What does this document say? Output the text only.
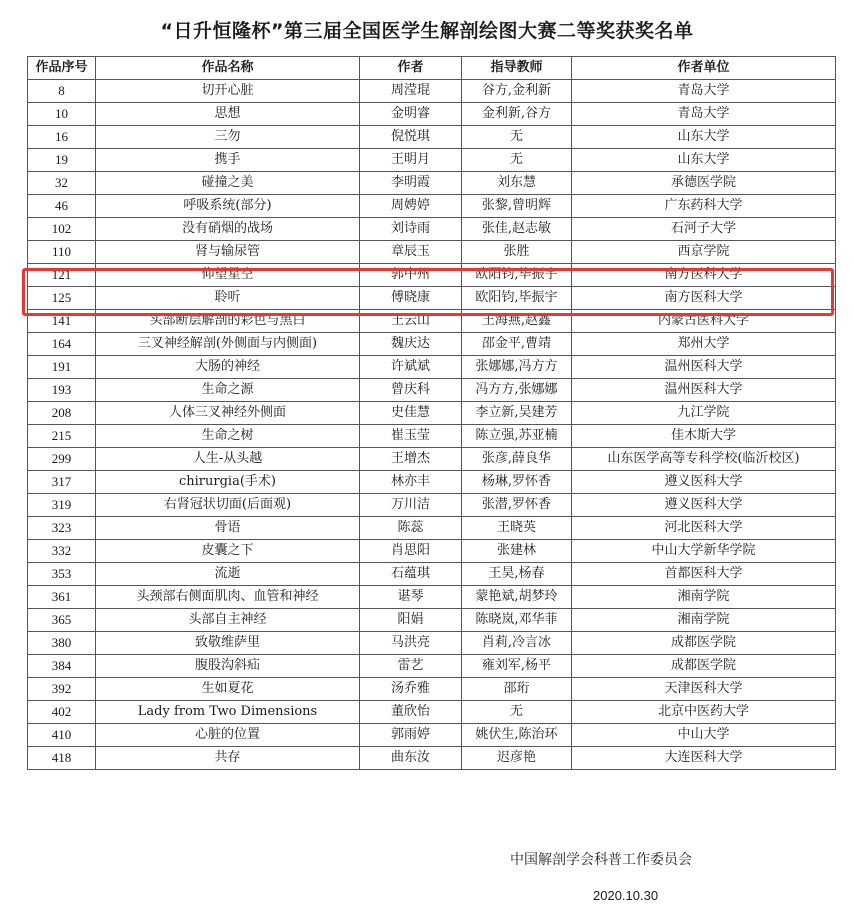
“日升恒隆杯”第三届全国医学生解剖绘图大赛二等奖获奖名单
作品序号	作品名称	作者	指导教师	作者单位
8	切开心脏	周滢琨	谷方,金利新	青岛大学
10	思想	金明睿	金利新,谷方	青岛大学
16	三勿	倪悦琪	无	山东大学
19	携手	王明月	无	山东大学
32	碰撞之美	李明霞	刘东慧	承德医学院
46	呼吸系统(部分)	周娉婷	张黎,曾明辉	广东药科大学
102	没有硝烟的战场	刘诗雨	张佳,赵志敏	石河子大学
110	肾与输尿管	章辰玉	张胜	西京学院
121	仰望星空	郭中州	欧阳钧,毕振宇	南方医科大学
125	聆听	傅晓康	欧阳钧,毕振宇	南方医科大学
141	头部断层解剖的彩色与黑白	王云山	王海燕,赵鑫	内蒙古医科大学
164	三叉神经解剖(外侧面与内侧面)	魏庆达	邵金平,曹靖	郑州大学
191	大肠的神经	许斌斌	张娜娜,冯方方	温州医科大学
193	生命之源	曾庆科	冯方方,张娜娜	温州医科大学
208	人体三叉神经外侧面	史佳慧	李立新,吴建芳	九江学院
215	生命之树	崔玉莹	陈立强,苏亚楠	佳木斯大学
299	人生-从头越	王增杰	张彦,薛良华	山东医学高等专科学校(临沂校区)
317	chirurgia(手术)	林亦丰	杨琳,罗怀香	遵义医科大学
319	右肾冠状切面(后面观)	万川洁	张潜,罗怀香	遵义医科大学
323	骨语	陈蕊	王晓英	河北医科大学
332	皮囊之下	肖思阳	张建林	中山大学新华学院
353	流逝	石蕴琪	王昊,杨春	首都医科大学
361	头颈部右侧面肌肉、血管和神经	谌琴	蒙艳斌,胡梦玲	湘南学院
365	头部自主神经	阳娟	陈晓岚,邓华菲	湘南学院
380	致敬维萨里	马洪亮	肖莉,冷言冰	成都医学院
384	腹股沟斜疝	雷艺	雍刘军,杨平	成都医学院
392	生如夏花	汤乔雅	邵珩	天津医科大学
402	Lady from Two Dimensions	董欣怡	无	北京中医药大学
410	心脏的位置	郭雨婷	姚伏生,陈治环	中山大学
418	共存	曲东汝	迟彦艳	大连医科大学
中国解剖学会科普工作委员会
2020.10.30
